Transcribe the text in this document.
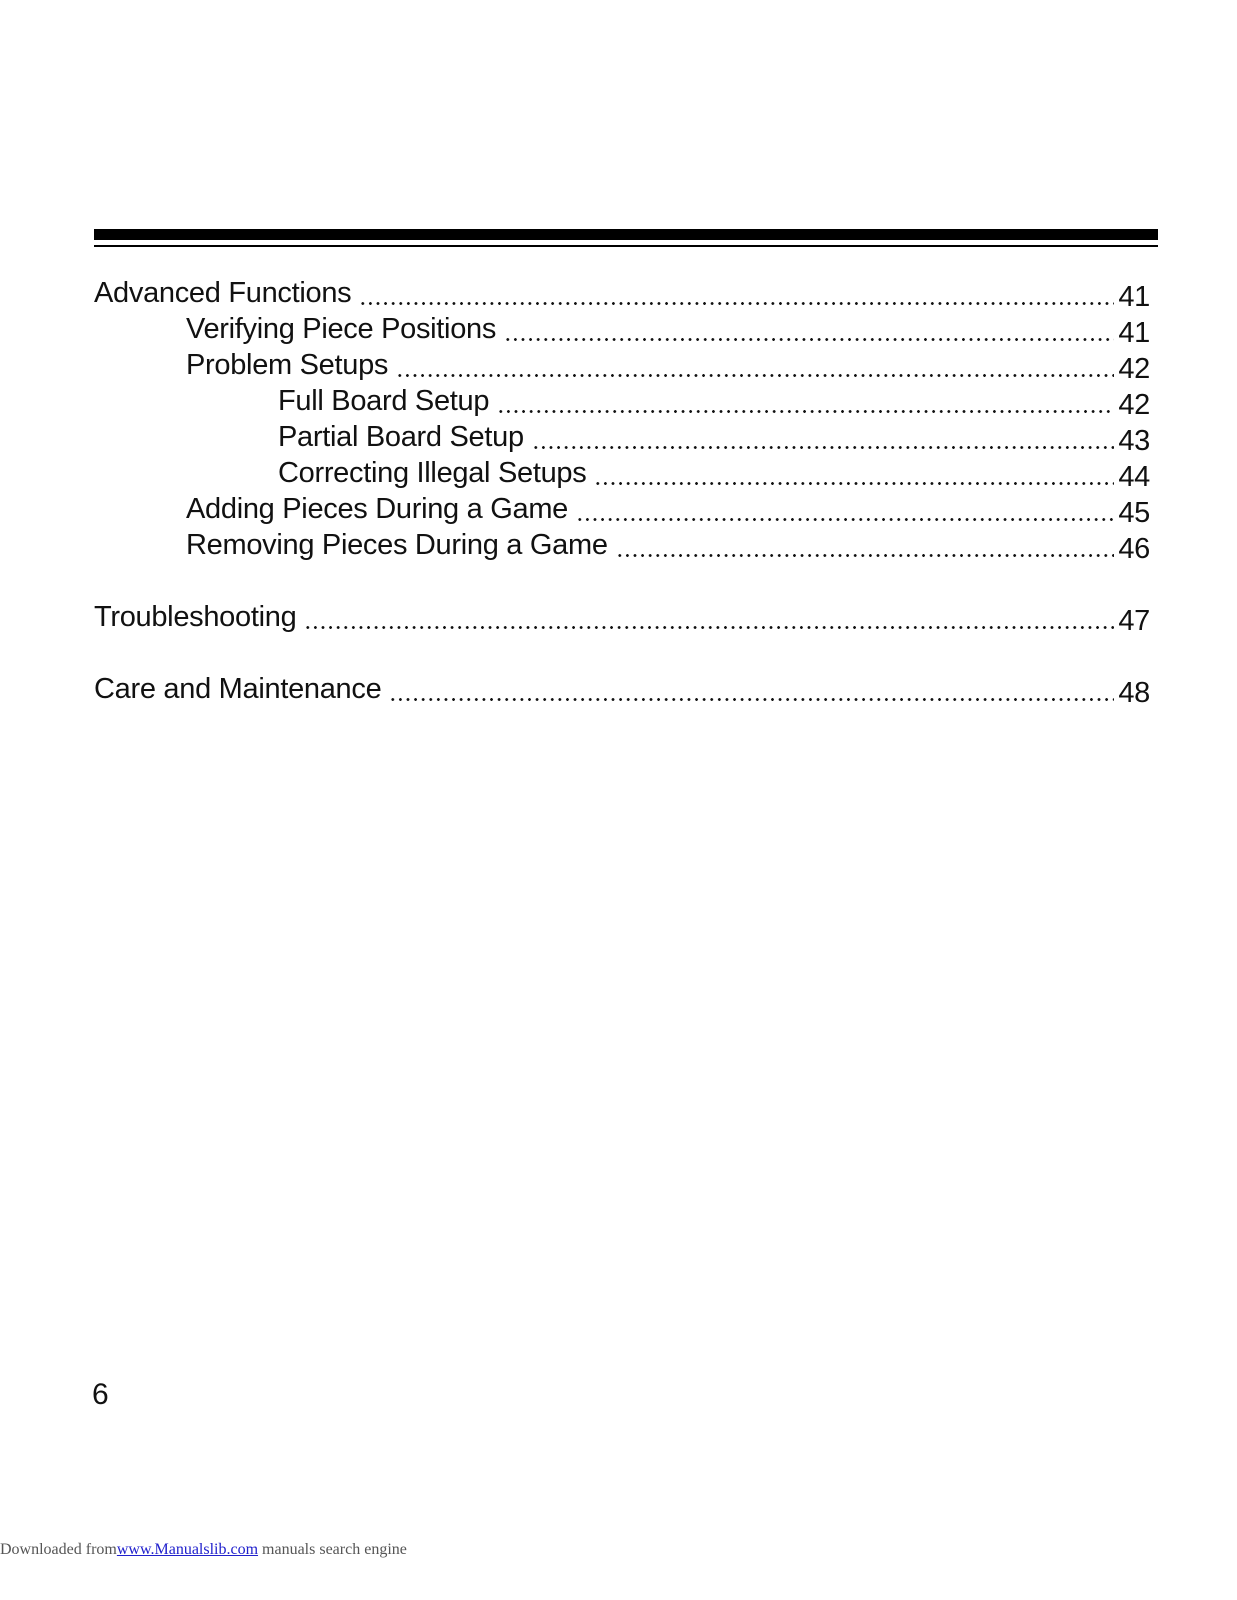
Advanced Functions	41
Verifying Piece Positions	41
Problem Setups	42
Full Board Setup	42
Partial Board Setup	43
Correcting Illegal Setups	44
Adding Pieces During a Game	45
Removing Pieces During a Game	46
Troubleshooting	47
Care and Maintenance	48
6
Downloaded fromwww.Manualslib.com manuals search engine
